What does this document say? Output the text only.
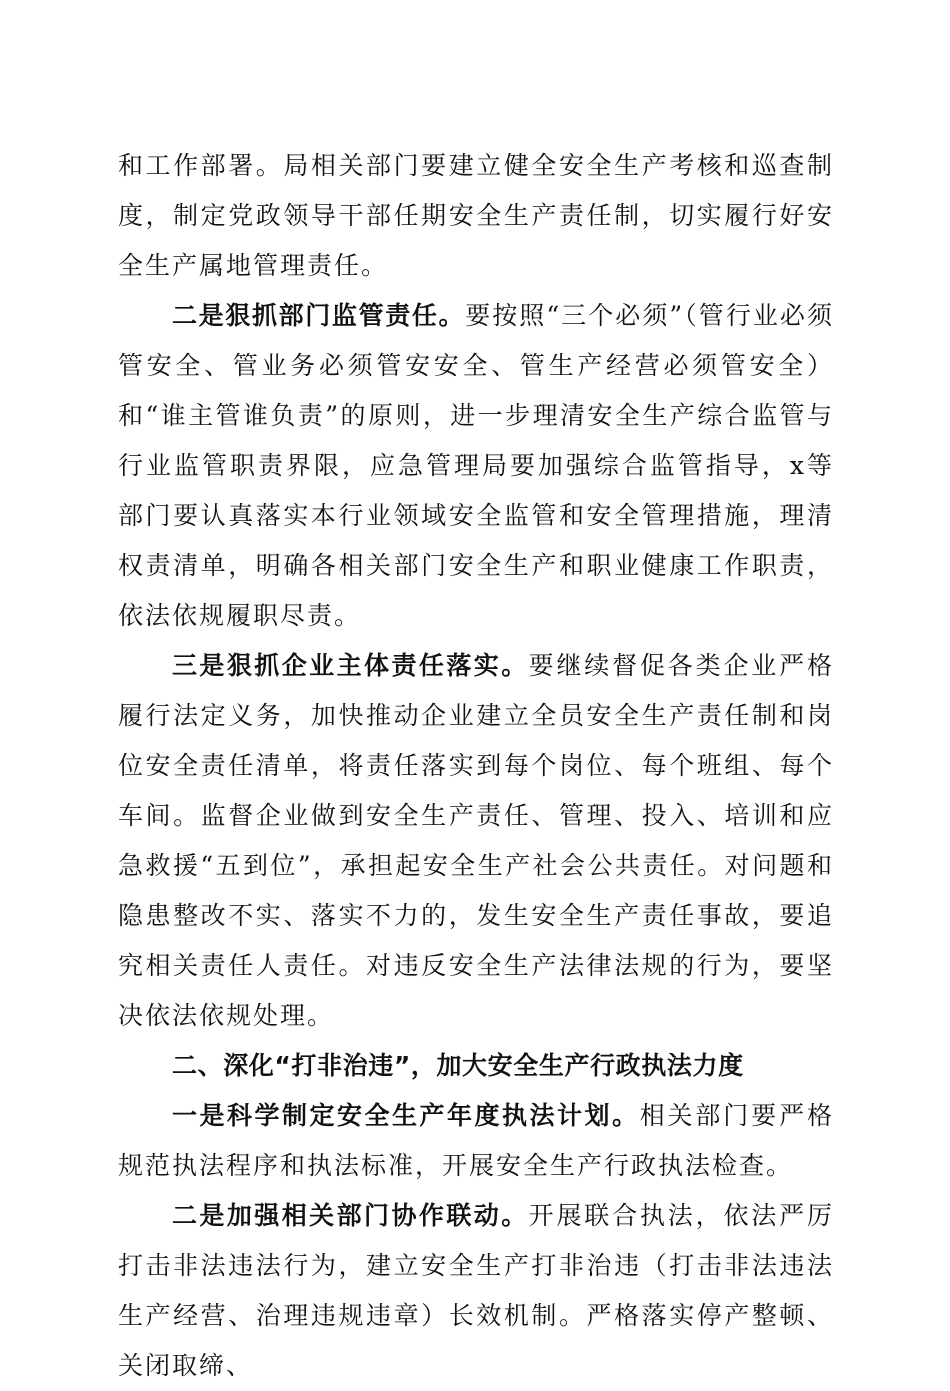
和工作部署。局相关部门要建立健全安全生产考核和巡查制度，制定党政领导干部任期安全生产责任制，切实履行好安全生产属地管理责任。

二是狠抓部门监管责任。要按照“三个必须”（管行业必须管安全、管业务必须管安安全、管生产经营必须管安全）和“谁主管谁负责”的原则，进一步理清安全生产综合监管与行业监管职责界限，应急管理局要加强综合监管指导，x等部门要认真落实本行业领域安全监管和安全管理措施，理清权责清单，明确各相关部门安全生产和职业健康工作职责，依法依规履职尽责。

三是狠抓企业主体责任落实。要继续督促各类企业严格履行法定义务，加快推动企业建立全员安全生产责任制和岗位安全责任清单，将责任落实到每个岗位、每个班组、每个车间。监督企业做到安全生产责任、管理、投入、培训和应急救援“五到位”，承担起安全生产社会公共责任。对问题和隐患整改不实、落实不力的，发生安全生产责任事故，要追究相关责任人责任。对违反安全生产法律法规的行为，要坚决依法依规处理。

二、深化“打非治违”，加大安全生产行政执法力度

一是科学制定安全生产年度执法计划。相关部门要严格规范执法程序和执法标准，开展安全生产行政执法检查。

二是加强相关部门协作联动。开展联合执法，依法严厉打击非法违法行为，建立安全生产打非治违（打击非法违法生产经营、治理违规违章）长效机制。严格落实停产整顿、关闭取缔、
